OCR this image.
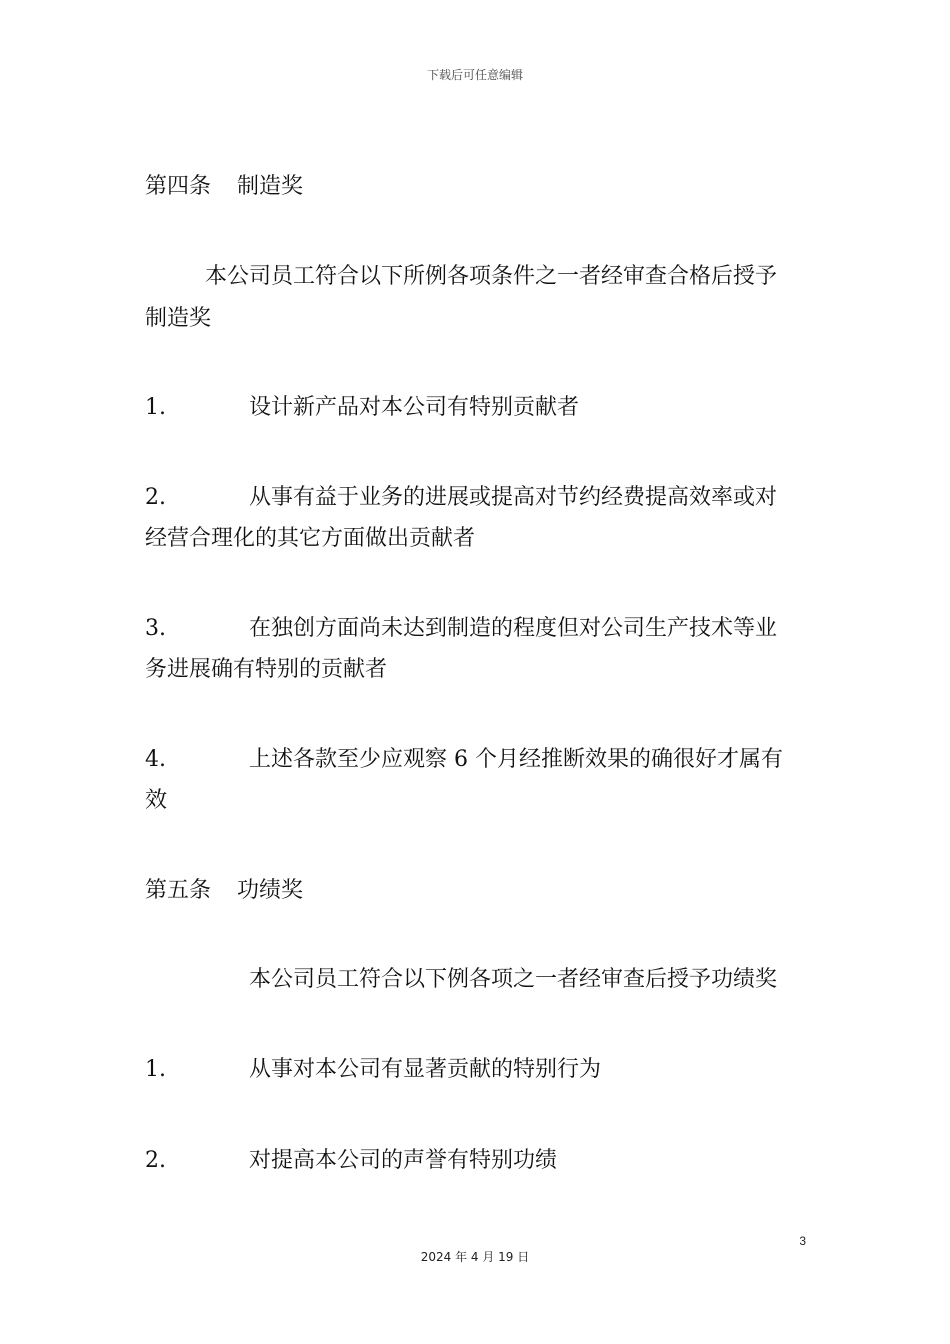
下载后可任意编辑
第四条 制造奖
本公司员工符合以下所例各项条件之一者经审查合格后授予
制造奖
1.	设计新产品对本公司有特别贡献者
2.	从事有益于业务的进展或提高对节约经费提高效率或对
经营合理化的其它方面做出贡献者
3.	在独创方面尚未达到制造的程度但对公司生产技术等业
务进展确有特别的贡献者
4.	上述各款至少应观察 6 个月经推断效果的确很好才属有
效
第五条 功绩奖
本公司员工符合以下例各项之一者经审查后授予功绩奖
1.	从事对本公司有显著贡献的特别行为
2.	对提高本公司的声誉有特别功绩
3
2024 年 4 月 19 日
